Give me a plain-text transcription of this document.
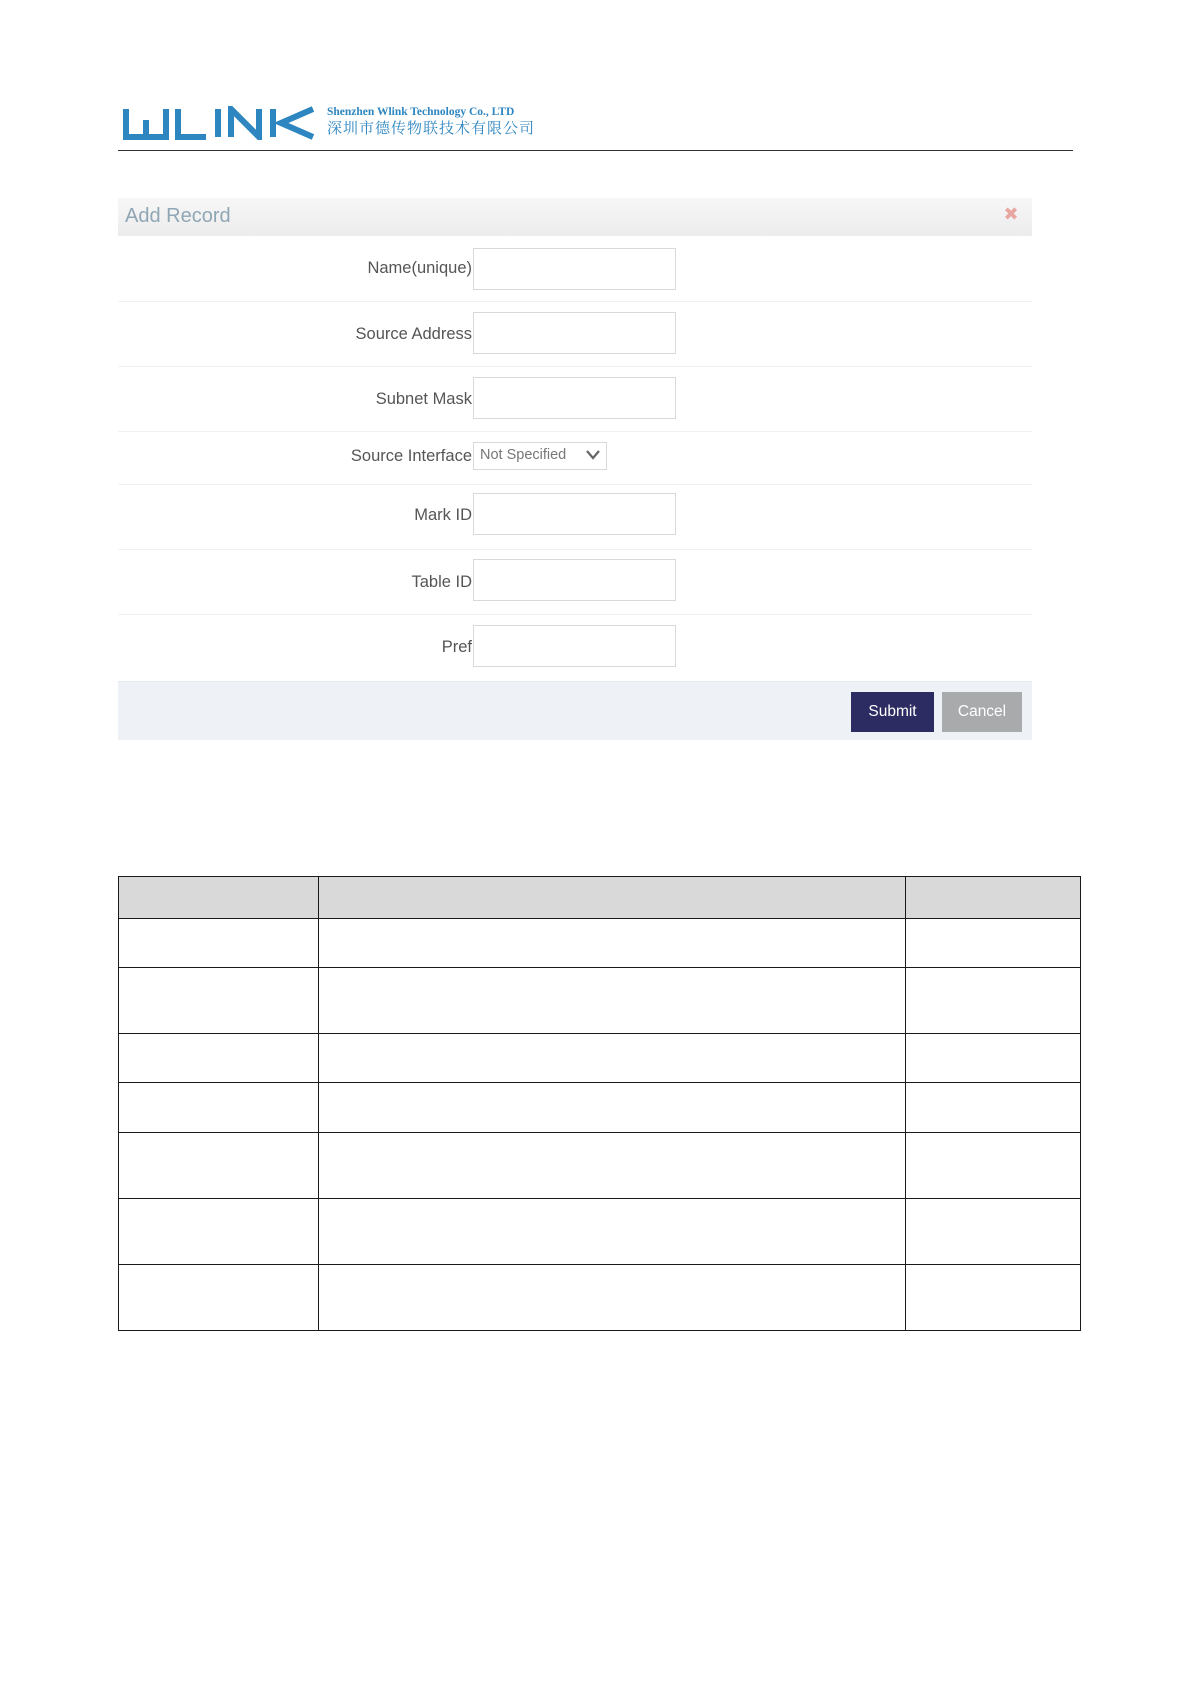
Shenzhen Wlink Technology Co., LTD
深圳市德传物联技术有限公司
Add Record	✖
Name(unique)
Source Address
Subnet Mask
Source Interface Not Specified
Mark ID
Table ID
Pref
Submit	Cancel
